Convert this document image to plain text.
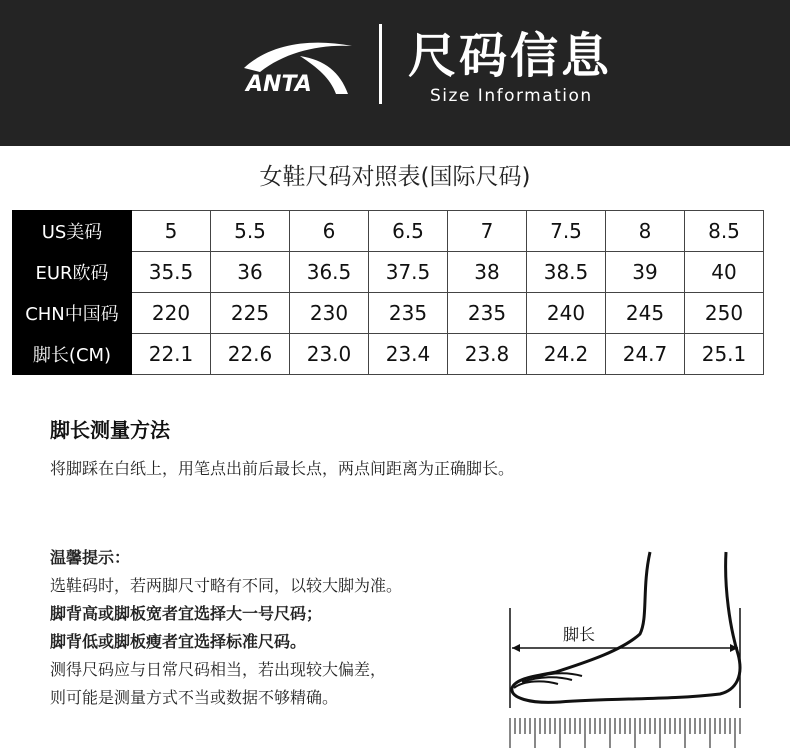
ANTA
尺码信息
Size Information
女鞋尺码对照表(国际尺码)
US美码	5	5.5	6	6.5	7	7.5	8	8.5
EUR欧码	35.5	36	36.5	37.5	38	38.5	39	40
CHN中国码	220	225	230	235	235	240	245	250
脚长(CM)	22.1	22.6	23.0	23.4	23.8	24.2	24.7	25.1
脚长测量方法
将脚踩在白纸上，用笔点出前后最长点，两点间距离为正确脚长。
温馨提示：
选鞋码时，若两脚尺寸略有不同，以较大脚为准。
脚背高或脚板宽者宜选择大一号尺码；
脚背低或脚板瘦者宜选择标准尺码。
测得尺码应与日常尺码相当，若出现较大偏差，
则可能是测量方式不当或数据不够精确。
脚长
